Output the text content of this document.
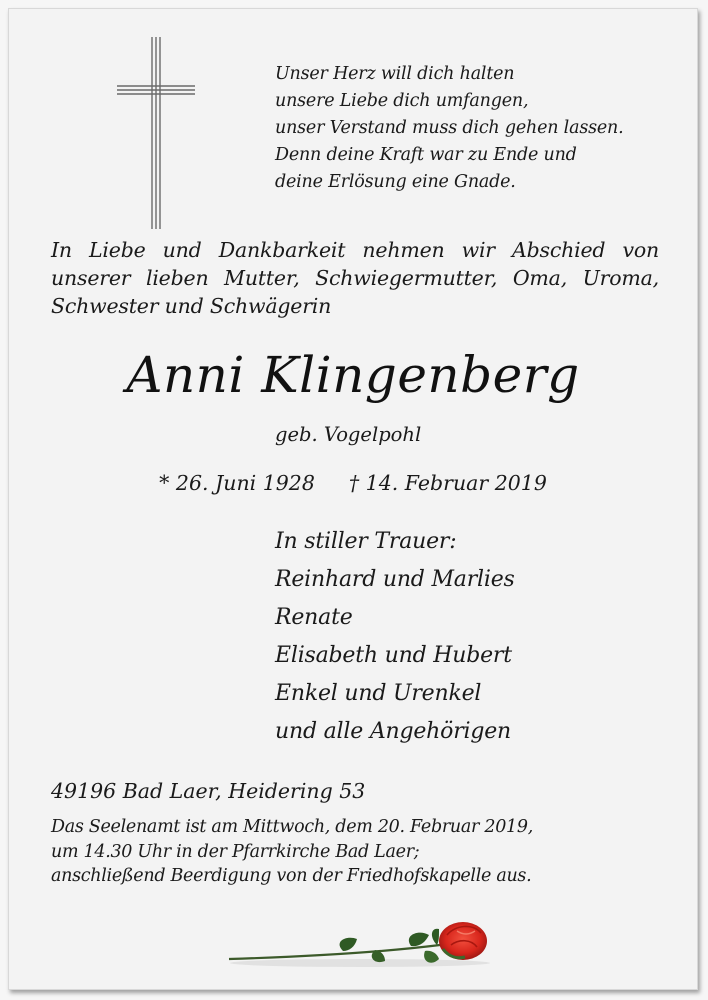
Unser Herz will dich halten
unsere Liebe dich umfangen,
unser Verstand muss dich gehen lassen.
Denn deine Kraft war zu Ende und
deine Erlösung eine Gnade.
In Liebe und Dankbarkeit nehmen wir Abschied von
unserer lieben Mutter, Schwiegermutter, Oma, Uroma,
Schwester und Schwägerin
Anni Klingenberg
geb. Vogelpohl
* 26. Juni 1928 † 14. Februar 2019
In stiller Trauer:
Reinhard und Marlies
Renate
Elisabeth und Hubert
Enkel und Urenkel
und alle Angehörigen
49196 Bad Laer, Heidering 53
Das Seelenamt ist am Mittwoch, dem 20. Februar 2019,
um 14.30 Uhr in der Pfarrkirche Bad Laer;
anschließend Beerdigung von der Friedhofskapelle aus.
